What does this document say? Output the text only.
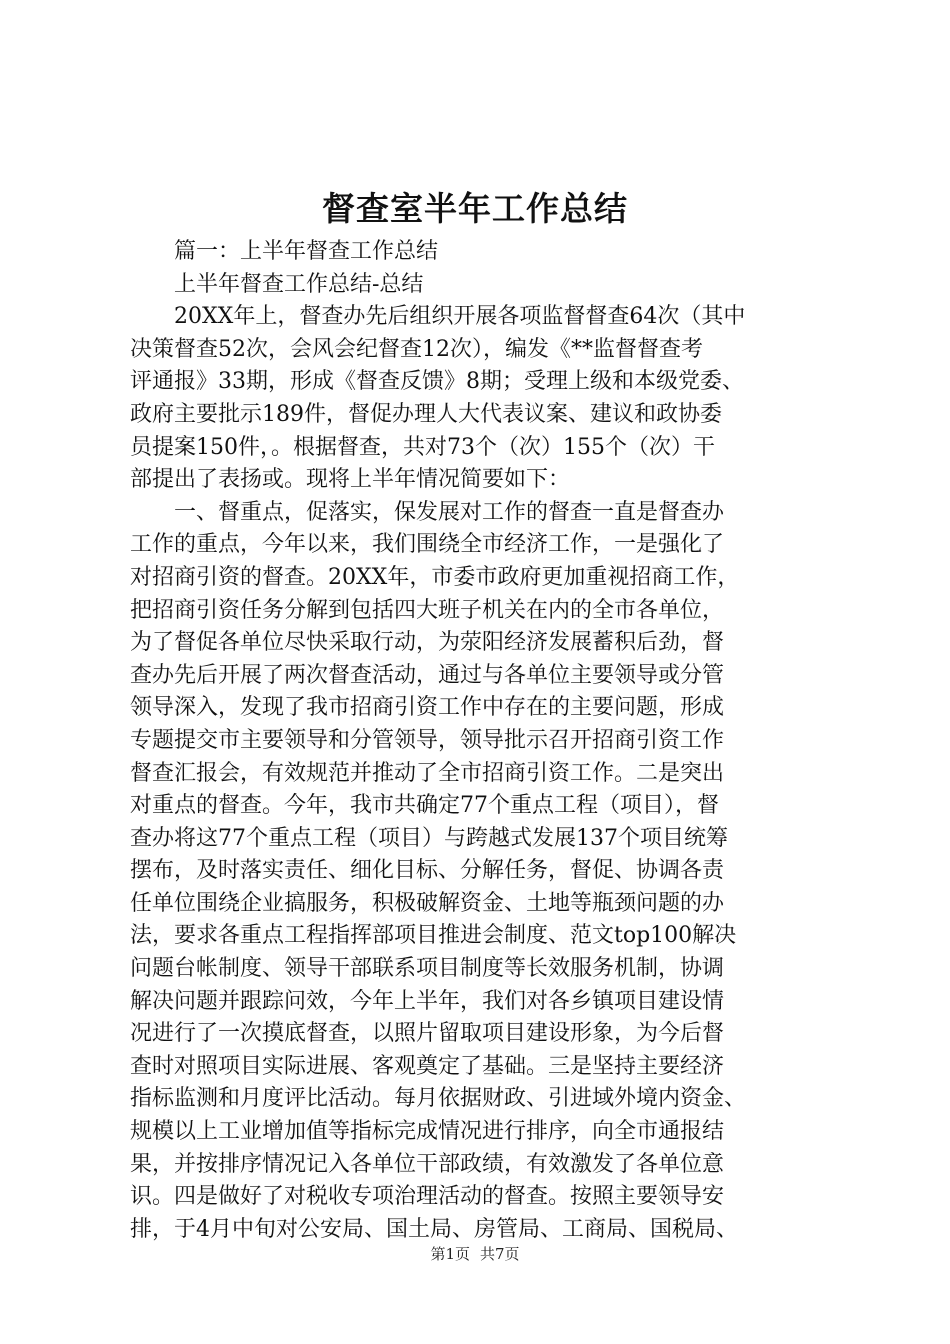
督查室半年工作总结
篇一：上半年督查工作总结
上半年督查工作总结-总结
20XX年上，督查办先后组织开展各项监督督查64次（其中
决策督查52次，会风会纪督查12次），编发《**监督督查考
评通报》33期，形成《督查反馈》8期；受理上级和本级党委、
政府主要批示189件，督促办理人大代表议案、建议和政协委
员提案150件，。根据督查，共对73个（次）155个（次）干
部提出了表扬或。现将上半年情况简要如下：
一、督重点，促落实，保发展对工作的督查一直是督查办
工作的重点，今年以来，我们围绕全市经济工作，一是强化了
对招商引资的督查。20XX年，市委市政府更加重视招商工作，
把招商引资任务分解到包括四大班子机关在内的全市各单位，
为了督促各单位尽快采取行动，为荥阳经济发展蓄积后劲，督
查办先后开展了两次督查活动，通过与各单位主要领导或分管
领导深入，发现了我市招商引资工作中存在的主要问题，形成
专题提交市主要领导和分管领导，领导批示召开招商引资工作
督查汇报会，有效规范并推动了全市招商引资工作。二是突出
对重点的督查。今年，我市共确定77个重点工程（项目），督
查办将这77个重点工程（项目）与跨越式发展137个项目统筹
摆布，及时落实责任、细化目标、分解任务，督促、协调各责
任单位围绕企业搞服务，积极破解资金、土地等瓶颈问题的办
法，要求各重点工程指挥部项目推进会制度、范文top100解决
问题台帐制度、领导干部联系项目制度等长效服务机制，协调
解决问题并跟踪问效，今年上半年，我们对各乡镇项目建设情
况进行了一次摸底督查，以照片留取项目建设形象，为今后督
查时对照项目实际进展、客观奠定了基础。三是坚持主要经济
指标监测和月度评比活动。每月依据财政、引进域外境内资金、
规模以上工业增加值等指标完成情况进行排序，向全市通报结
果，并按排序情况记入各单位干部政绩，有效激发了各单位意
识。四是做好了对税收专项治理活动的督查。按照主要领导安
排，于4月中旬对公安局、国土局、房管局、工商局、国税局、
第1页 共7页
